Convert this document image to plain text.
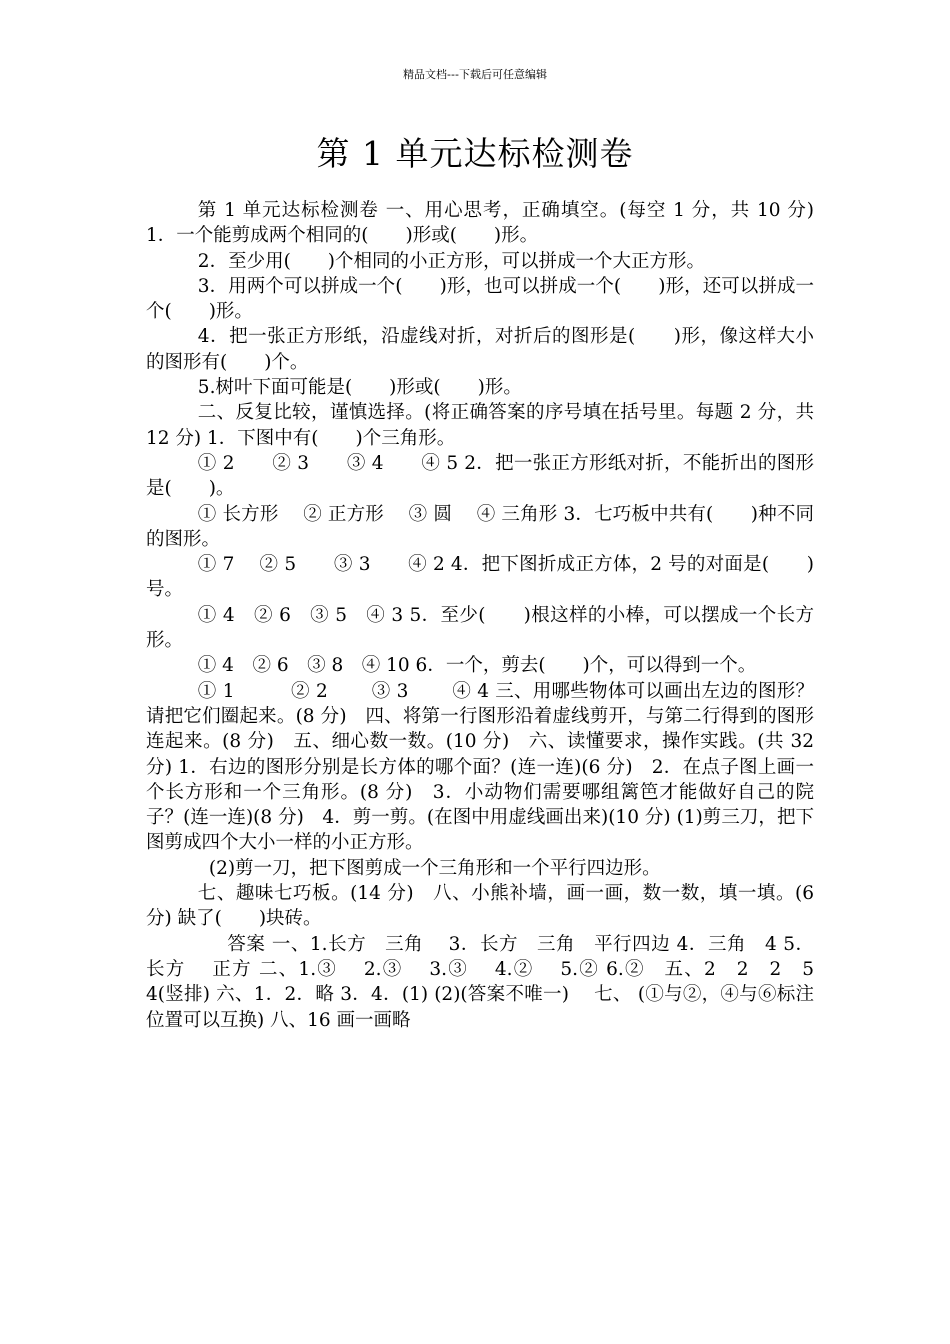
精品文档---下载后可任意编辑
第 1 单元达标检测卷

第 1 单元达标检测卷 一、用心思考，正确填空。(每空 1 分，共 10 分) 1．一个能剪成两个相同的(　　)形或(　　)形。

2．至少用(　　)个相同的小正方形，可以拼成一个大正方形。

3．用两个可以拼成一个(　　)形，也可以拼成一个(　　)形，还可以拼成一个(　　)形。

4．把一张正方形纸，沿虚线对折，对折后的图形是(　　)形，像这样大小的图形有(　　)个。

5.树叶下面可能是(　　)形或(　　)形。

二、反复比较，谨慎选择。(将正确答案的序号填在括号里。每题 2 分，共 12 分) 1．下图中有(　　)个三角形。

① 2　　② 3　　③ 4　　④ 5 2．把一张正方形纸对折，不能折出的图形是(　　)。

① 长方形　 ② 正方形　 ③ 圆　 ④ 三角形 3．七巧板中共有(　　)种不同的图形。

① 7　 ② 5　　③ 3　　④ 2 4．把下图折成正方体，2 号的对面是(　　)号。

① 4　② 6　③ 5　④ 3 5．至少(　　)根这样的小棒，可以摆成一个长方形。

① 4　② 6　③ 8　④ 10 6．一个，剪去(　　)个，可以得到一个。

① 1　　　② 2　　 ③ 3　　 ④ 4 三、用哪些物体可以画出左边的图形？请把它们圈起来。(8 分)　四、将第一行图形沿着虚线剪开，与第二行得到的图形连起来。(8 分)　五、细心数一数。(10 分)　六、读懂要求，操作实践。(共 32 分) 1．右边的图形分别是长方体的哪个面？(连一连)(6 分)　2．在点子图上画一个长方形和一个三角形。(8 分)　3．小动物们需要哪组篱笆才能做好自己的院子？(连一连)(8 分)　4．剪一剪。(在图中用虚线画出来)(10 分) (1)剪三刀，把下图剪成四个大小一样的小正方形。

(2)剪一刀，把下图剪成一个三角形和一个平行四边形。

七、趣味七巧板。(14 分)　八、小熊补墙，画一画，数一数，填一填。(6 分) 缺了(　　)块砖。

答案 一、1.长方　三角　 3．长方　三角　平行四边 4．三角　4 5．长方　 正方 二、1.③　 2.③　 3.③　 4.②　 5.② 6.②　五、2　2　2　5　4(竖排) 六、1．2．略 3．4．(1) (2)(答案不唯一)　 七、 (①与②，④与⑥标注位置可以互换) 八、16 画一画略
